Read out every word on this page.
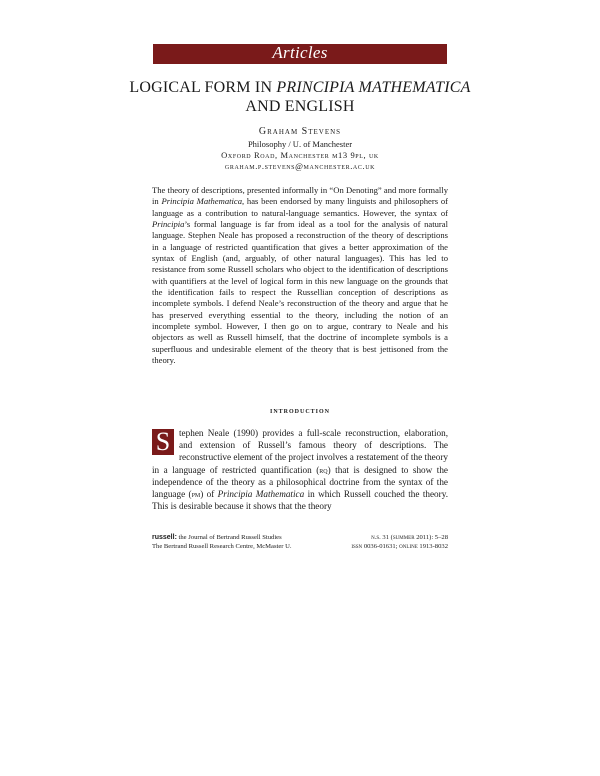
Articles
LOGICAL FORM IN PRINCIPIA MATHEMATICA AND ENGLISH
Graham Stevens
Philosophy / U. of Manchester
Oxford Road, Manchester m13 9pl, uk
graham.p.stevens@manchester.ac.uk
The theory of descriptions, presented informally in “On Denoting” and more formally in Principia Mathematica, has been endorsed by many linguists and philosophers of language as a contribution to natural-language semantics. However, the syntax of Principia’s formal language is far from ideal as a tool for the analysis of natural language. Stephen Neale has proposed a reconstruction of the theory of descriptions in a language of restricted quantification that gives a better approximation of the syntax of English (and, arguably, of other natural languages). This has led to resistance from some Russell scholars who object to the identification of descriptions with quantifiers at the level of logical form in this new language on the grounds that the identification fails to respect the Russellian conception of descriptions as incomplete symbols. I defend Neale’s reconstruction of the theory and argue that he has preserved everything essential to the theory, including the notion of an incomplete symbol. However, I then go on to argue, contrary to Neale and his objectors as well as Russell himself, that the doctrine of incomplete symbols is a superfluous and undesirable element of the theory that is best jettisoned from the theory.
introduction
S tephen Neale (1990) provides a full-scale reconstruction, elaboration, and extension of Russell’s famous theory of descriptions. The reconstructive element of the project involves a restatement of the theory in a language of restricted quantification (rq) that is designed to show the independence of the theory as a philosophical doctrine from the syntax of the language (pm) of Principia Mathematica in which Russell couched the theory. This is desirable because it shows that the theory
russell: the Journal of Bertrand Russell Studies	n.s. 31 (summer 2011): 5–28
The Bertrand Russell Research Centre, McMaster U.	issn 0036-01631; online 1913-8032
